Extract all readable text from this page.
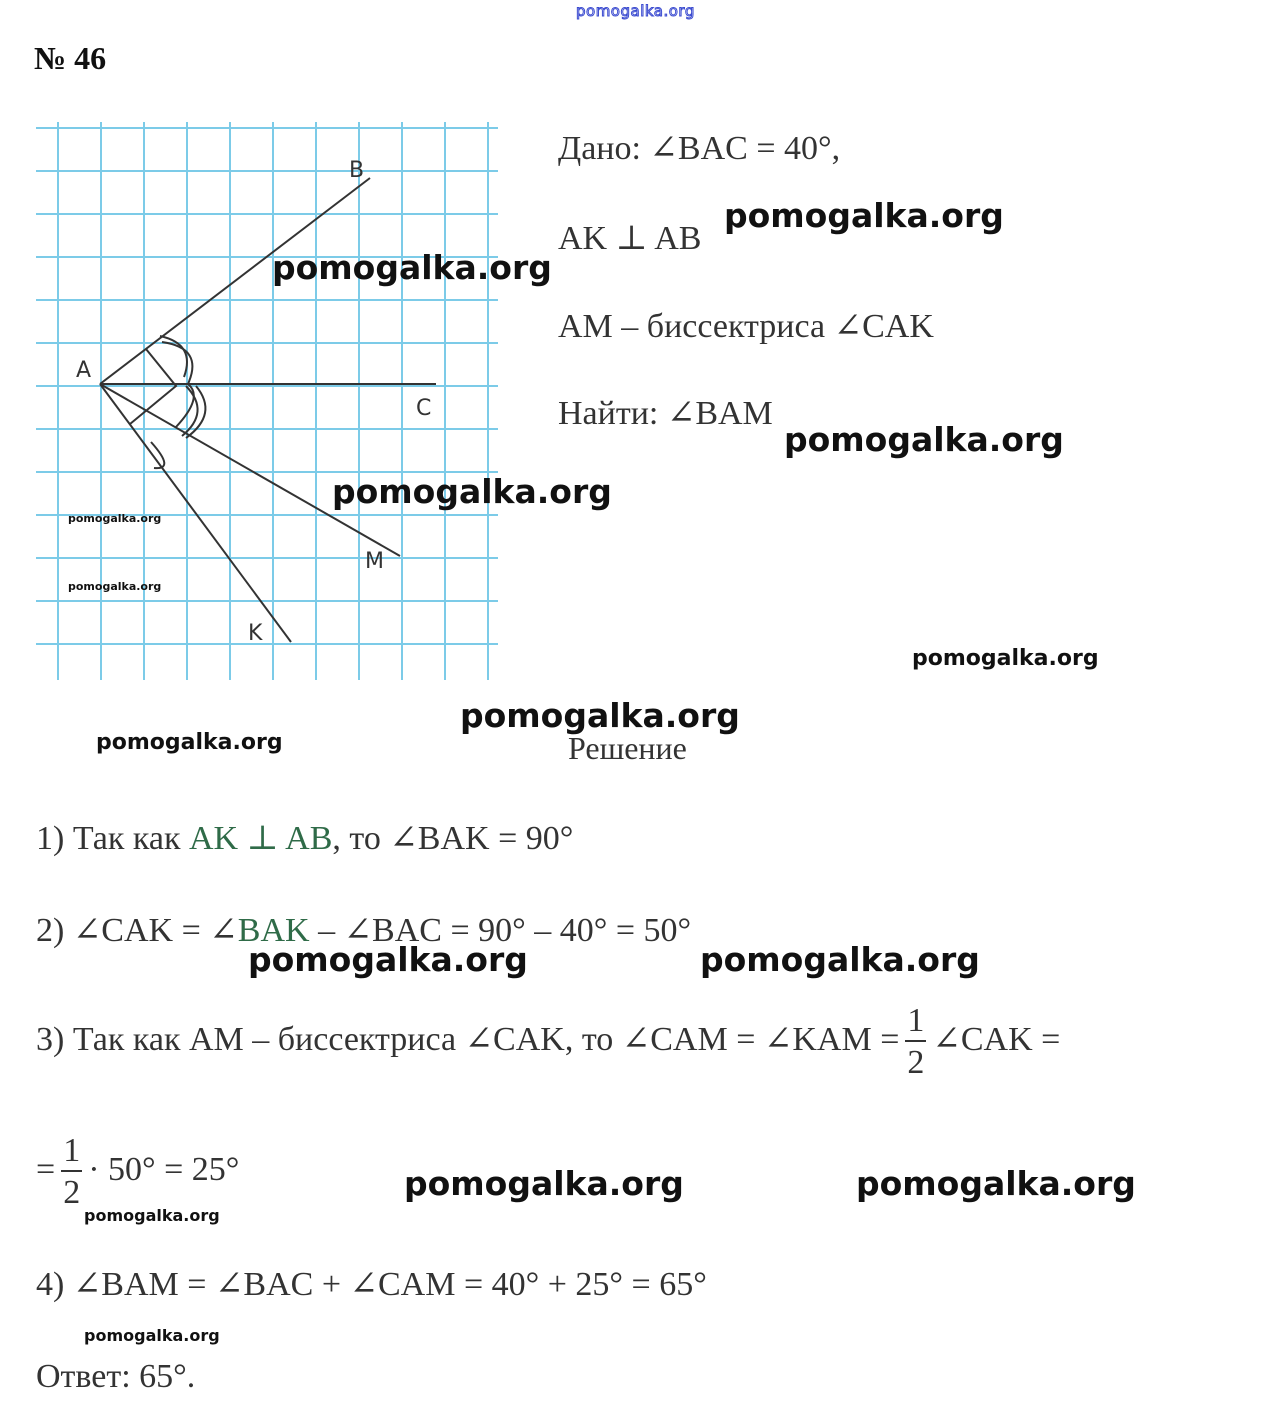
pomogalka.org
№ 46
A
B
C
M
K
pomogalka.org
pomogalka.org
Дано: ∠BAC = 40°,
AK ⊥ AB
AM – биссектриса ∠CAK
Найти: ∠BAM
Решение
1) Так как AK ⊥ AB, то ∠BAK = 90°
2) ∠CAK = ∠BAK – ∠BAC = 90° – 40° = 50°
3) Так как AM – биссектриса ∠CAK, то ∠CAM = ∠KAM = $\frac{1}{2}$ ∠CAK =
= $\frac{1}{2} \cdot 50^\circ = 25^\circ$
4) ∠BAM = ∠BAC + ∠CAM = 40° + 25° = 65°
Ответ: 65°.
pomogalka.org
pomogalka.org
pomogalka.org
pomogalka.org
pomogalka.org
pomogalka.org
pomogalka.org
pomogalka.org	pomogalka.org
pomogalka.org	pomogalka.org
pomogalka.org
pomogalka.org
